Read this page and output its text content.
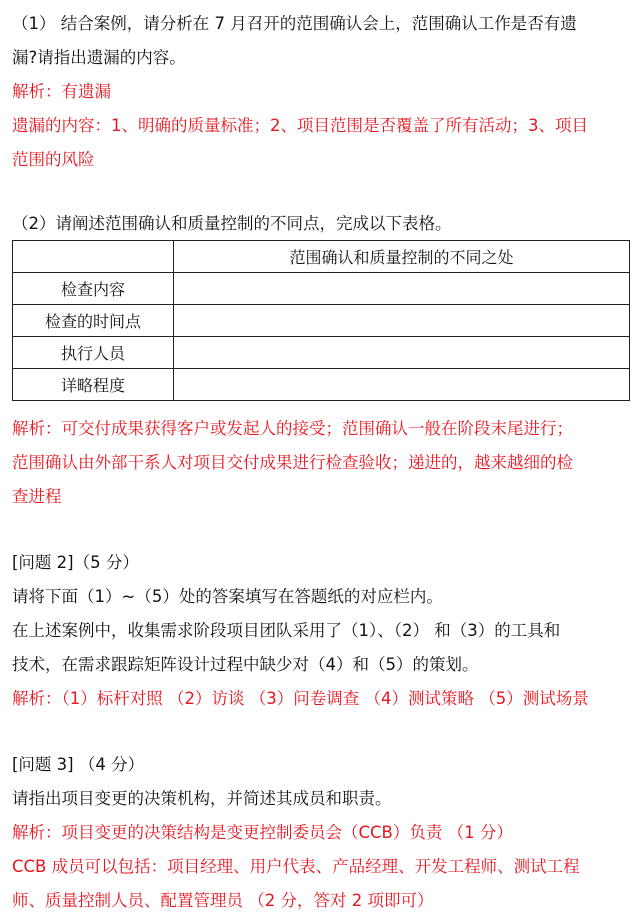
（1） 结合案例，请分析在 7 月召开的范围确认会上，范围确认工作是否有遗
漏?请指出遗漏的内容。
解析：有遗漏
遗漏的内容：1、明确的质量标准；2、项目范围是否覆盖了所有活动；3、项目
范围的风险
（2）请阐述范围确认和质量控制的不同点，完成以下表格。
	范围确认和质量控制的不同之处
检查内容	
检查的时间点	
执行人员	
详略程度	
解析：可交付成果获得客户或发起人的接受；范围确认一般在阶段末尾进行；
范围确认由外部干系人对项目交付成果进行检查验收；递进的，越来越细的检
查进程
[问题 2]（5 分）
请将下面（1）~（5）处的答案填写在答题纸的对应栏内。
在上述案例中，收集需求阶段项目团队采用了（1）、（2） 和（3）的工具和
技术，在需求跟踪矩阵设计过程中缺少对（4）和（5）的策划。
解析：（1）标杆对照 （2）访谈 （3）问卷调查 （4）测试策略 （5）测试场景
[问题 3] （4 分）
请指出项目变更的决策机构，并简述其成员和职责。
解析：项目变更的决策结构是变更控制委员会（CCB）负责 （1 分）
CCB 成员可以包括：项目经理、用户代表、产品经理、开发工程师、测试工程
师、质量控制人员、配置管理员 （2 分，答对 2 项即可）
